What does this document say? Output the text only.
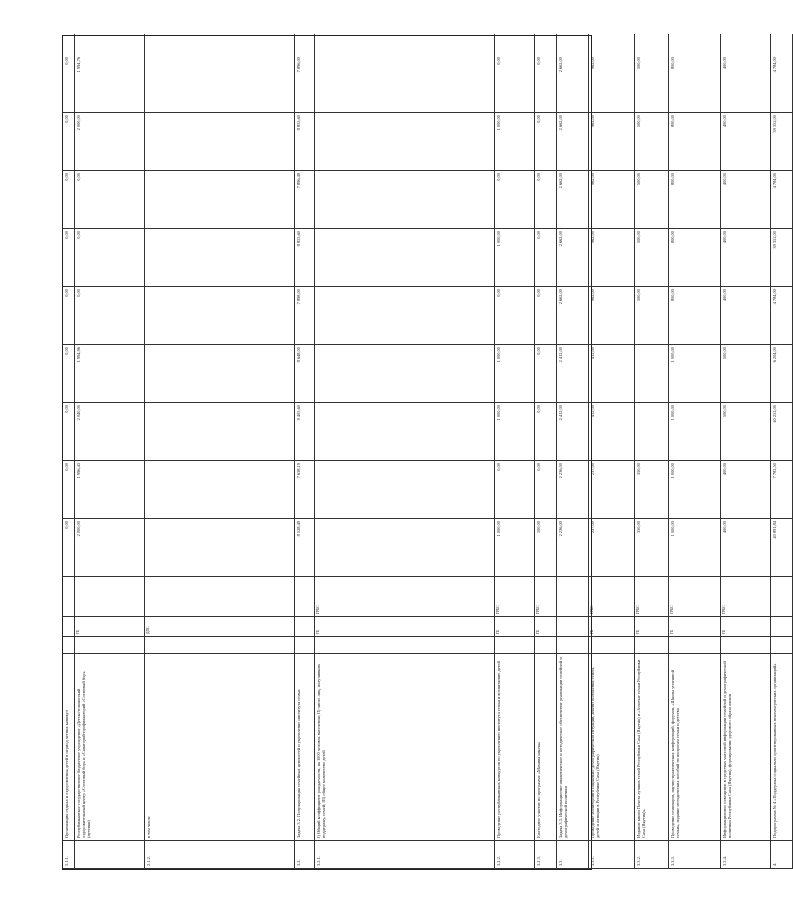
5.1.1.
Организация отдыха и оздоровления детей в период летних каникул
0,00
0,00
0,00
0,00
0,00
0,00
0,00
0,00
0,00
Республиканское государственное бюджетное учреждение «Детско-юношеский оздоровительный центр «Сосновый бор» и «Санаторий-профилакторий «Сосновый бор» (путевки)
ГБ
2 000,00
1 996,43
2 040,00
1 994,96
0,00
0,00
0,00
2 000,00
1 994,76
2.1.2.
в том числе
ДПС
3.2.
Задача 3.2. Популяризация семейных ценностей и укрепление института семьи
8 528,49
7 638,19
9 405,60
8 648,00
7 898,00
8 855,60
7 896,49
8 855,60
7 896,00
3.2.1.
I) Общий коэффициент рождаемости, на 1000 человек населения; II) число лиц, получивших поддержку, семей; III) общее количество детей
ГБ
ГРБС
3.2.2.
Проведение республиканских конкурсов по укреплению института семьи и воспитанию детей
ГБ
ГРБС
1 000,00
0,00
1 000,00
1 000,00
0,00
1 000,00
0,00
1 000,00
0,00
3.2.3.
Ежегодное участие по программе «Мамина школа»
ГБ
ГРБС
100,00
0,00
0,00
0,00
0,00
0,00
0,00
0,00
0,00
3.3.
Задача 3.3. Информационно-аналитическое и методическое обеспечение реализации семейной и демографической политики
2 236,00
2 236,00
2 412,00
2 412,00
2 662,00
2 662,00
2 662,00
2 662,00
2 662,00
3.3.1.
Проведение мониторинга социально-демографической ситуации, анализ положения семей, детей и женщин в Республике Саха (Якутия)
ГБ
ГРБС
237,00
237,00
412,00
412,00
962,00
962,00
962,00
962,00
962,00
3.3.2.
Издание книги Почета лучших семей Республики Саха (Якутия) и «Золотые семьи Республики Саха (Якутия)»
ГБ
ГРБС
350,00
350,00
500,00
500,00
500,00
500,00
500,00
3.3.3.
Проведение семинаров, научно-практических конференций, форумов, «Школы успешной семьи», издание методических пособий по вопросам семьи и детства
ГБ
ГРБС
1 000,00
1 000,00
1 000,00
1 000,00
800,00
800,00
800,00
800,00
800,00
3.3.4.
Информационное освещение в средствах массовой информации семейной и демографической политики Республики Саха (Якутия), формирование здорового образа жизни
ГБ
ГРБС
400,00
400,00
500,00
500,00
400,00
400,00
400,00
400,00
400,00
4.
Подпрограмма № 4 «Поддержка социально ориентированных некоммерческих организаций»
40 891,84
7 782,50
40 252,00
6 204,00
4 784,00
39 352,00
4 784,00
39 352,00
4 784,00
